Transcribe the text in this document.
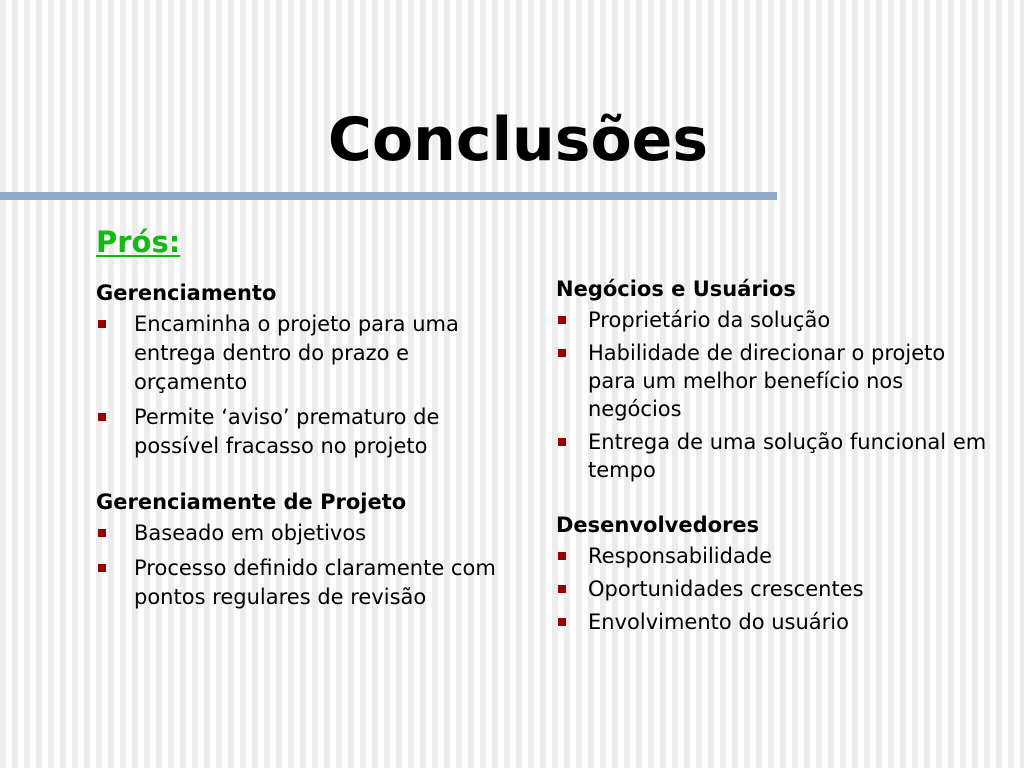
Conclusões
Prós:
Gerenciamento
Encaminha o projeto para uma entrega dentro do prazo e orçamento
Permite ‘aviso’ prematuro de possível fracasso no projeto
Gerenciamente de Projeto
Baseado em objetivos
Processo definido claramente com pontos regulares de revisão
Negócios e Usuários
Proprietário da solução
Habilidade de direcionar o projeto para um melhor benefício nos negócios
Entrega de uma solução funcional em tempo
Desenvolvedores
Responsabilidade
Oportunidades crescentes
Envolvimento do usuário
